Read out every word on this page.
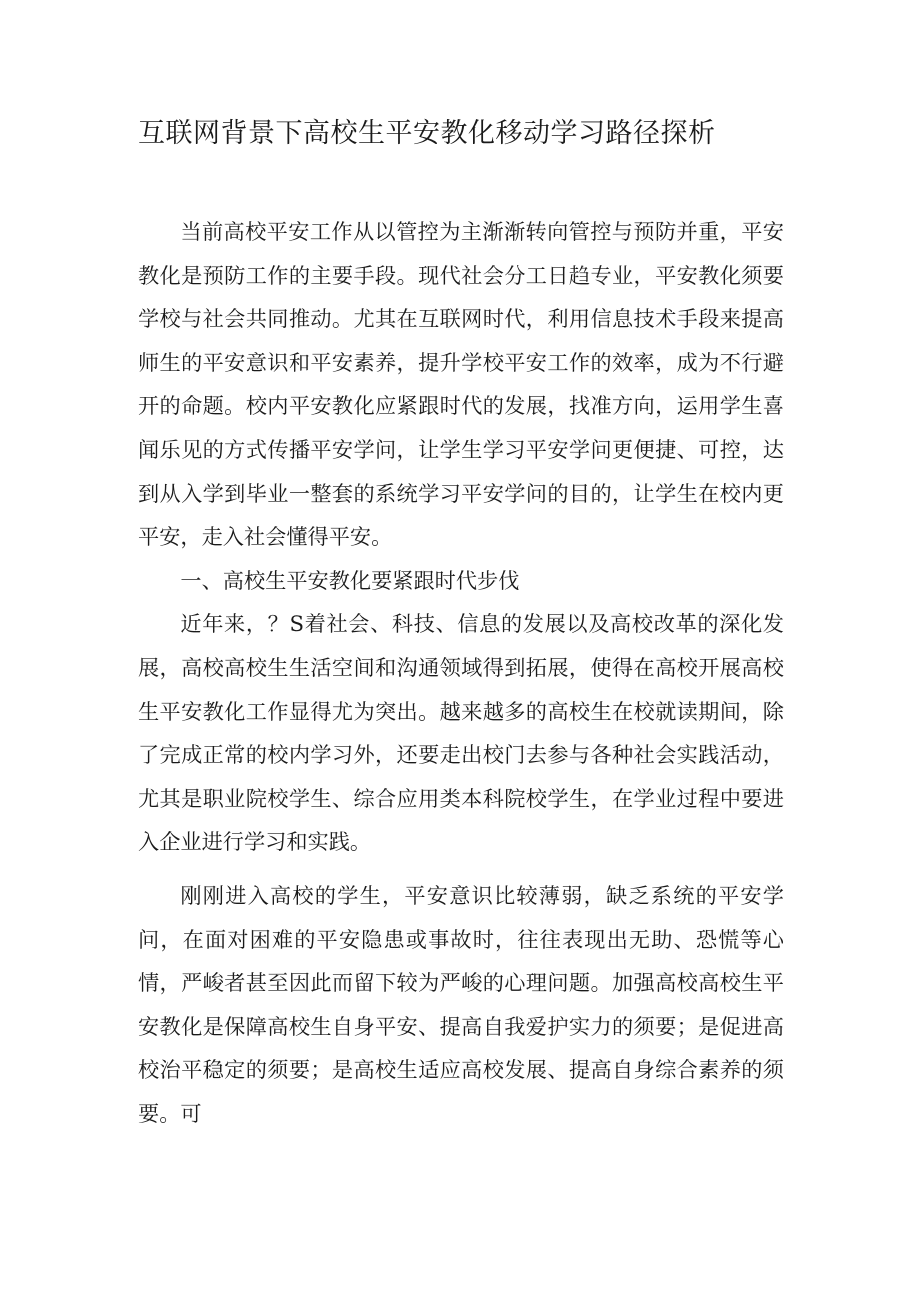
互联网背景下高校生平安教化移动学习路径探析

当前高校平安工作从以管控为主渐渐转向管控与预防并重，平安教化是预防工作的主要手段。现代社会分工日趋专业，平安教化须要学校与社会共同推动。尤其在互联网时代，利用信息技术手段来提高师生的平安意识和平安素养，提升学校平安工作的效率，成为不行避开的命题。校内平安教化应紧跟时代的发展，找准方向，运用学生喜闻乐见的方式传播平安学问，让学生学习平安学问更便捷、可控，达到从入学到毕业一整套的系统学习平安学问的目的，让学生在校内更平安，走入社会懂得平安。

一、高校生平安教化要紧跟时代步伐

近年来，？S着社会、科技、信息的发展以及高校改革的深化发展，高校高校生生活空间和沟通领域得到拓展，使得在高校开展高校生平安教化工作显得尤为突出。越来越多的高校生在校就读期间，除了完成正常的校内学习外，还要走出校门去参与各种社会实践活动，尤其是职业院校学生、综合应用类本科院校学生，在学业过程中要进入企业进行学习和实践。

刚刚进入高校的学生，平安意识比较薄弱，缺乏系统的平安学问，在面对困难的平安隐患或事故时，往往表现出无助、恐慌等心情，严峻者甚至因此而留下较为严峻的心理问题。加强高校高校生平安教化是保障高校生自身平安、提高自我爱护实力的须要；是促进高校治平稳定的须要；是高校生适应高校发展、提高自身综合素养的须要。可
